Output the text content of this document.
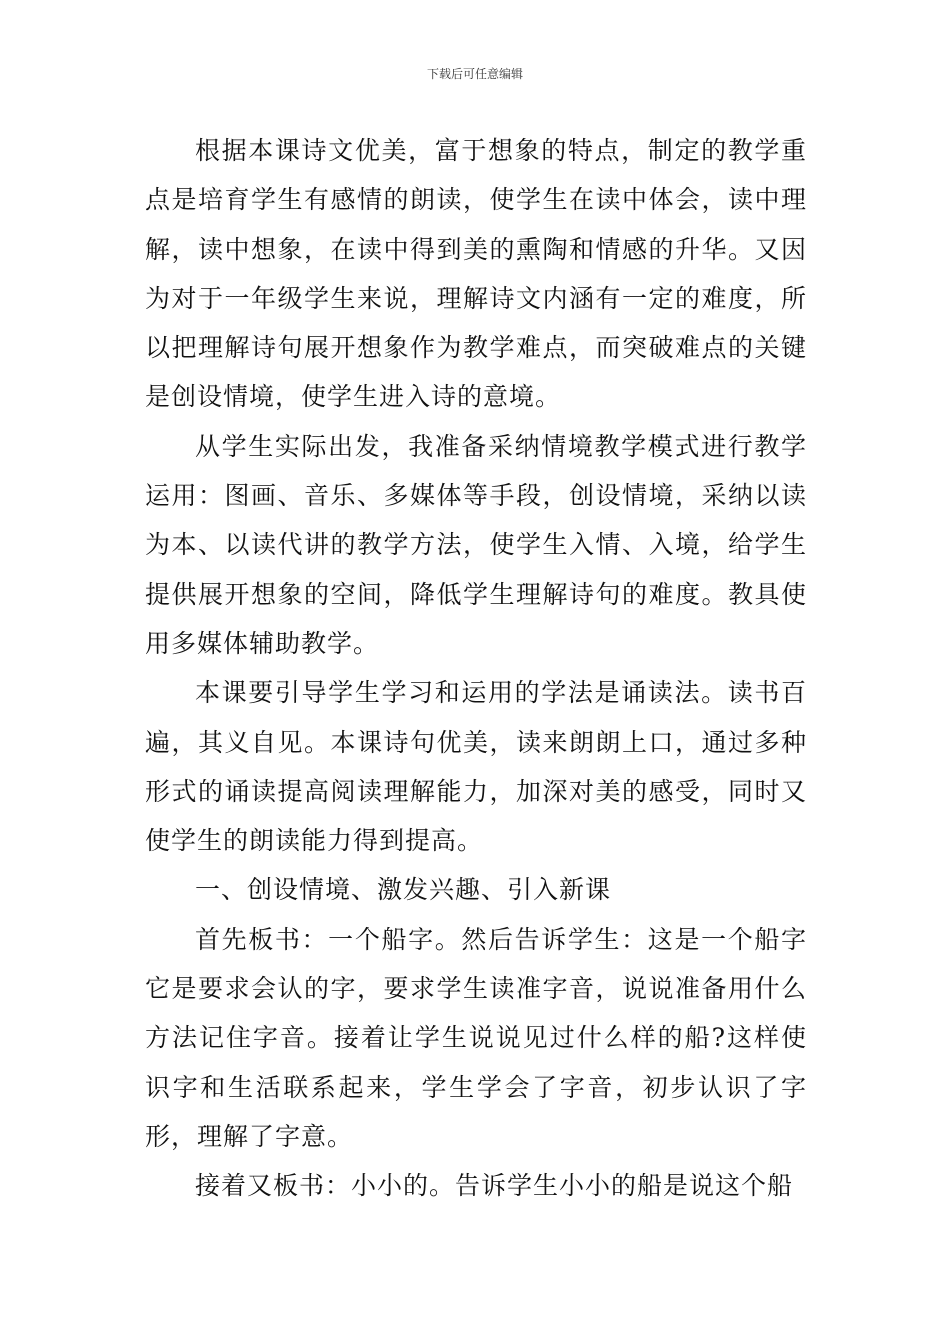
下载后可任意编辑

根据本课诗文优美，富于想象的特点，制定的教学重点是培育学生有感情的朗读，使学生在读中体会，读中理解，读中想象，在读中得到美的熏陶和情感的升华。又因为对于一年级学生来说，理解诗文内涵有一定的难度，所以把理解诗句展开想象作为教学难点，而突破难点的关键是创设情境，使学生进入诗的意境。

从学生实际出发，我准备采纳情境教学模式进行教学运用：图画、音乐、多媒体等手段，创设情境，采纳以读为本、以读代讲的教学方法，使学生入情、入境，给学生提供展开想象的空间，降低学生理解诗句的难度。教具使用多媒体辅助教学。

本课要引导学生学习和运用的学法是诵读法。读书百遍，其义自见。本课诗句优美，读来朗朗上口，通过多种形式的诵读提高阅读理解能力，加深对美的感受，同时又使学生的朗读能力得到提高。

一、创设情境、激发兴趣、引入新课

首先板书：一个船字。然后告诉学生：这是一个船字它是要求会认的字，要求学生读准字音，说说准备用什么方法记住字音。接着让学生说说见过什么样的船?这样使识字和生活联系起来，学生学会了字音，初步认识了字形，理解了字意。

接着又板书：小小的。告诉学生小小的船是说这个船
